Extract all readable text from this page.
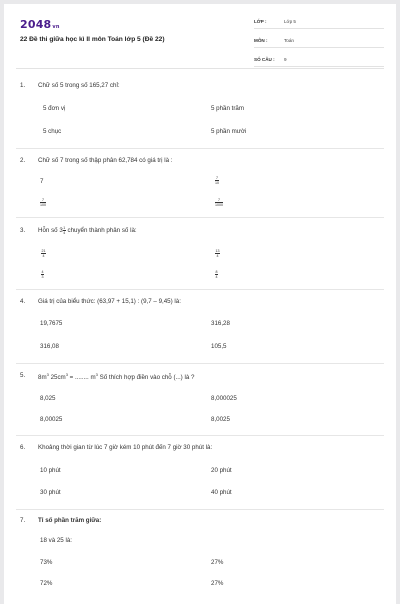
2048vn
22 Đề thi giữa học kì II môn Toán lớp 5 (Đề 22)
LỚP :	Lớp 5
MÔN :	Toán
SỐ CÂU : 9
1. Chữ số 5 trong số 165,27 chỉ:
5 đơn vị	5 phần trăm
5 chục	5 phần mười
2. Chữ số 7 trong số thập phân 62,784 có giá trị là :
7	$\frac{7}{10}$
$\frac{7}{100}$	$\frac{7}{1000}$
3. Hỗn số $3 \frac{1}{4}$ chuyển thành phân số là:
$\frac{21}{4}$	$\frac{13}{4}$
$\frac{4}{3}$	$\frac{8}{4}$
4. Giá trị của biểu thức: (63,97 + 15,1) : (9,7 – 9,45) là:
19,7675	316,28
316,08	105,5
5. $8m^3$ $25cm^3$ = ........ $m^3$ Số thích hợp điền vào chỗ (...) là ?
8,025	8,000025
8,00025	8,0025
6. Khoảng thời gian từ lúc 7 giờ kém 10 phút đến 7 giờ 30 phút là:
10 phút	20 phút
30 phút	40 phút
7. Tỉ số phần trăm giữa:
18 và 25 là:
73%	27%
72%	27%
